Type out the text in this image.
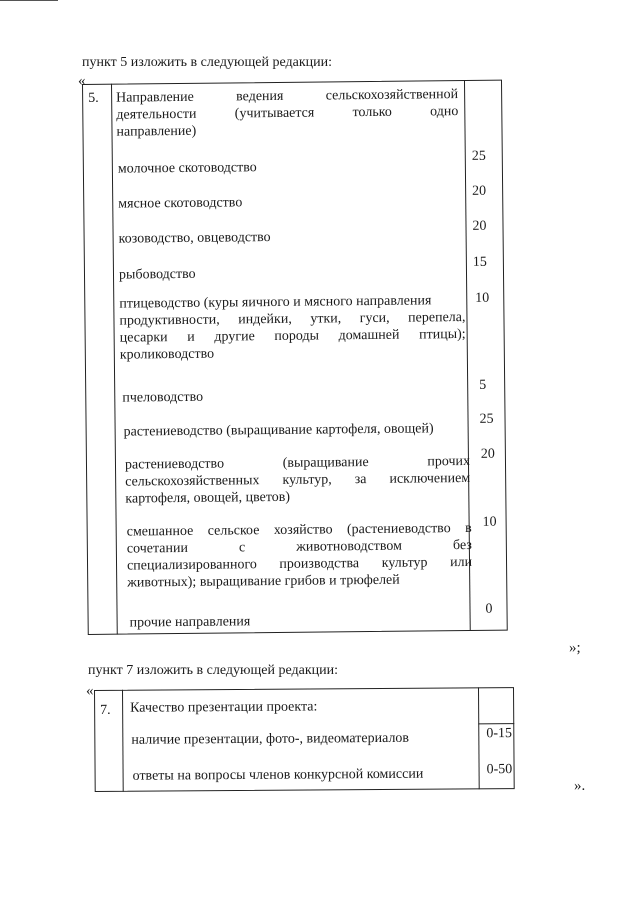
пункт 5 изложить в следующей редакции:
«
5. Направление ведения сельскохозяйственной
деятельности (учитывается только одно
направление)
молочное скотоводство
25
мясное скотоводство
20
козоводство, овцеводство
20
рыбоводство
15
птицеводство (куры яичного и мясного направления
продуктивности, индейки, утки, гуси, перепела,
цесарки и другие породы домашней птицы);
кролиководство
10
пчеловодство
5
растениеводство (выращивание картофеля, овощей)
25
растениеводство (выращивание прочих
сельскохозяйственных культур, за исключением
картофеля, овощей, цветов)
20
смешанное сельское хозяйство (растениеводство в
сочетании с животноводством без
специализированного производства культур или
животных); выращивание грибов и трюфелей
10
прочие направления
0
»;
пункт 7 изложить в следующей редакции:
«
7. Качество презентации проекта:
наличие презентации, фото-, видеоматериалов	0-15
ответы на вопросы членов конкурсной комиссии	0-50
».
